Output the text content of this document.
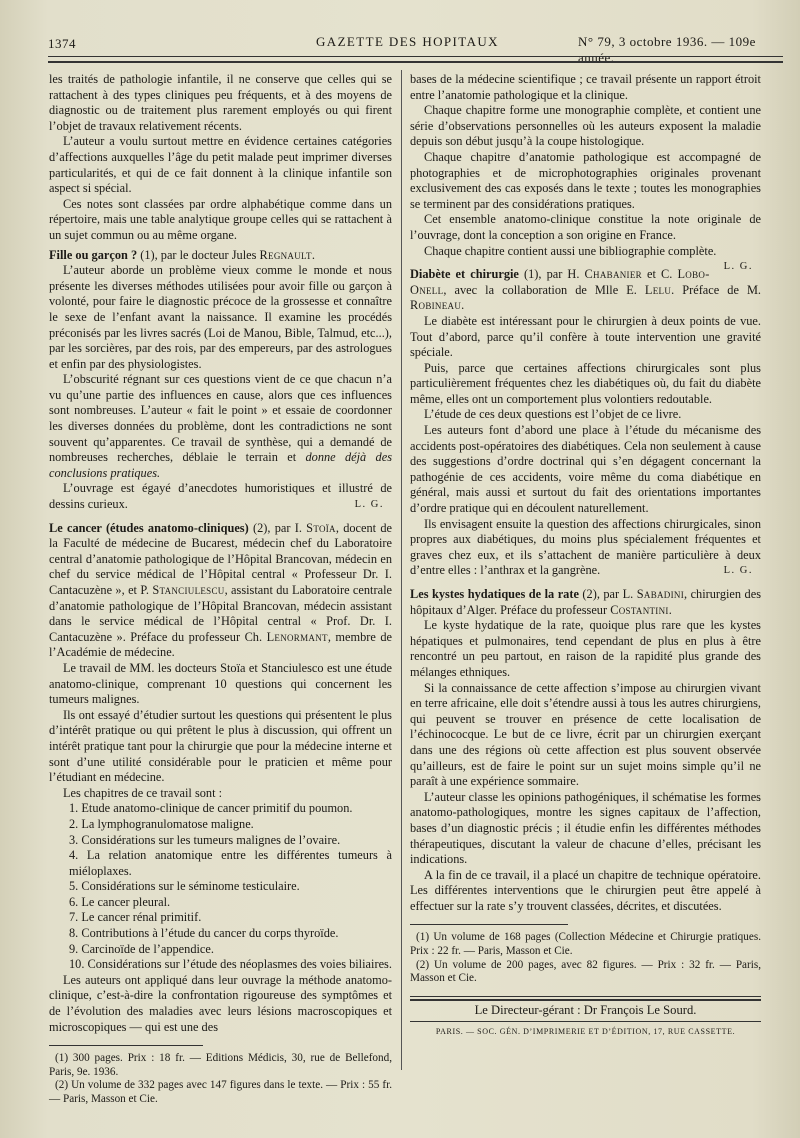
1374	GAZETTE DES HOPITAUX	N° 79, 3 octobre 1936. — 109e année.

les traités de pathologie infantile, il ne conserve que celles qui se rattachent à des types cliniques peu fréquents, et à des moyens de diagnostic ou de traitement plus rarement employés ou qui firent l’objet de travaux relativement récents.

L’auteur a voulu surtout mettre en évidence certaines catégories d’affections auxquelles l’âge du petit malade peut imprimer diverses particularités, et qui de ce fait donnent à la clinique infantile son aspect si spécial.

Ces notes sont classées par ordre alphabétique comme dans un répertoire, mais une table analytique groupe celles qui se rattachent à un sujet commun ou au même organe.

Fille ou garçon ? (1), par le docteur Jules Regnault.

L’auteur aborde un problème vieux comme le monde et nous présente les diverses méthodes utilisées pour avoir fille ou garçon à volonté, pour faire le diagnostic précoce de la grossesse et connaître le sexe de l’enfant avant la naissance. Il examine les procédés préconisés par les livres sacrés (Loi de Manou, Bible, Talmud, etc...), par les sorcières, par des rois, par des empereurs, par des astrologues et enfin par des physiologistes.

L’obscurité régnant sur ces questions vient de ce que chacun n’a vu qu’une partie des influences en cause, alors que ces influences sont nombreuses. L’auteur « fait le point » et essaie de coordonner les diverses données du problème, dont les contradictions ne sont souvent qu’apparentes. Ce travail de synthèse, qui a demandé de nombreuses recherches, déblaie le terrain et donne déjà des conclusions pratiques.

L’ouvrage est égayé d’anecdotes humoristiques et illustré de dessins curieux.	L. G.

Le cancer (études anatomo-cliniques) (2), par I. Stoïa, docent de la Faculté de médecine de Bucarest, médecin chef du Laboratoire central d’anatomie pathologique de l’Hôpital Brancovan, médecin en chef du service médical de l’Hôpital central « Professeur Dr. I. Cantacuzène », et P. Stanciulescu, assistant du Laboratoire centrale d’anatomie pathologique de l’Hôpital Brancovan, médecin assistant dans le service médical de l’Hôpital central « Prof. Dr. I. Cantacuzène ». Préface du professeur Ch. Lenormant, membre de l’Académie de médecine.

Le travail de MM. les docteurs Stoïa et Stanciulesco est une étude anatomo-clinique, comprenant 10 questions qui concernent les tumeurs malignes.

Ils ont essayé d’étudier surtout les questions qui présentent le plus d’intérêt pratique ou qui prêtent le plus à discussion, qui offrent un intérêt pratique tant pour la chirurgie que pour la médecine interne et sont d’une utilité considérable pour le praticien et même pour l’étudiant en médecine.

Les chapitres de ce travail sont :

1. Etude anatomo-clinique de cancer primitif du poumon.

2. La lymphogranulomatose maligne.

3. Considérations sur les tumeurs malignes de l’ovaire.

4. La relation anatomique entre les différentes tumeurs à miéloplaxes.

5. Considérations sur le séminome testiculaire.

6. Le cancer pleural.

7. Le cancer rénal primitif.

8. Contributions à l’étude du cancer du corps thyroïde.

9. Carcinoïde de l’appendice.

10. Considérations sur l’étude des néoplasmes des voies biliaires.

Les auteurs ont appliqué dans leur ouvrage la méthode anatomo-clinique, c’est-à-dire la confrontation rigoureuse des symptômes et de l’évolution des maladies avec leurs lésions macroscopiques et microscopiques — qui est une des

(1) 300 pages. Prix : 18 fr. — Editions Médicis, 30, rue de Bellefond, Paris, 9e. 1936.

(2) Un volume de 332 pages avec 147 figures dans le texte. — Prix : 55 fr. — Paris, Masson et Cie.

bases de la médecine scientifique ; ce travail présente un rapport étroit entre l’anatomie pathologique et la clinique.

Chaque chapitre forme une monographie complète, et contient une série d’observations personnelles où les auteurs exposent la maladie depuis son début jusqu’à la coupe histologique.

Chaque chapitre d’anatomie pathologique est accompagné de photographies et de microphotographies originales provenant exclusivement des cas exposés dans le texte ; toutes les monographies se terminent par des considérations pratiques.

Cet ensemble anatomo-clinique constitue la note originale de l’ouvrage, dont la conception a son origine en France.

Chaque chapitre contient aussi une bibliographie complète.
L. G.

Diabète et chirurgie (1), par H. Chabanier et C. Lobo-Onell, avec la collaboration de Mlle E. Lelu. Préface de M. Robineau.

Le diabète est intéressant pour le chirurgien à deux points de vue. Tout d’abord, parce qu’il confère à toute intervention une gravité spéciale.

Puis, parce que certaines affections chirurgicales sont plus particulièrement fréquentes chez les diabétiques où, du fait du diabète même, elles ont un comportement plus volontiers redoutable.

L’étude de ces deux questions est l’objet de ce livre.

Les auteurs font d’abord une place à l’étude du mécanisme des accidents post-opératoires des diabétiques. Cela non seulement à cause des suggestions d’ordre doctrinal qui s’en dégagent concernant la pathogénie de ces accidents, voire même du coma diabétique en général, mais aussi et surtout du fait des orientations importantes d’ordre pratique qui en découlent naturellement.

Ils envisagent ensuite la question des affections chirurgicales, sinon propres aux diabétiques, du moins plus spécialement fréquentes et graves chez eux, et ils s’attachent de manière particulière à deux d’entre elles : l’anthrax et la gangrène.	L. G.

Les kystes hydatiques de la rate (2), par L. Sabadini, chirurgien des hôpitaux d’Alger. Préface du professeur Costantini.

Le kyste hydatique de la rate, quoique plus rare que les kystes hépatiques et pulmonaires, tend cependant de plus en plus à être rencontré un peu partout, en raison de la rapidité plus grande des mélanges ethniques.

Si la connaissance de cette affection s’impose au chirurgien vivant en terre africaine, elle doit s’étendre aussi à tous les autres chirurgiens, qui peuvent se trouver en présence de cette localisation de l’échinococque. Le but de ce livre, écrit par un chirurgien exerçant dans une des régions où cette affection est plus souvent observée qu’ailleurs, est de faire le point sur un sujet moins simple qu’il ne paraît à une expérience sommaire.

L’auteur classe les opinions pathogéniques, il schématise les formes anatomo-pathologiques, montre les signes capitaux de l’affection, bases d’un diagnostic précis ; il étudie enfin les différentes méthodes thérapeutiques, discutant la valeur de chacune d’elles, précisant les indications.

A la fin de ce travail, il a placé un chapitre de technique opératoire. Les différentes interventions que le chirurgien peut être appelé à effectuer sur la rate s’y trouvent classées, décrites, et discutées.

(1) Un volume de 168 pages (Collection Médecine et Chirurgie pratiques. Prix : 22 fr. — Paris, Masson et Cie.

(2) Un volume de 200 pages, avec 82 figures. — Prix : 32 fr. — Paris, Masson et Cie.

Le Directeur-gérant : Dr François Le Sourd.
PARIS. — SOC. GÉN. D’IMPRIMERIE ET D’ÉDITION, 17, RUE CASSETTE.
